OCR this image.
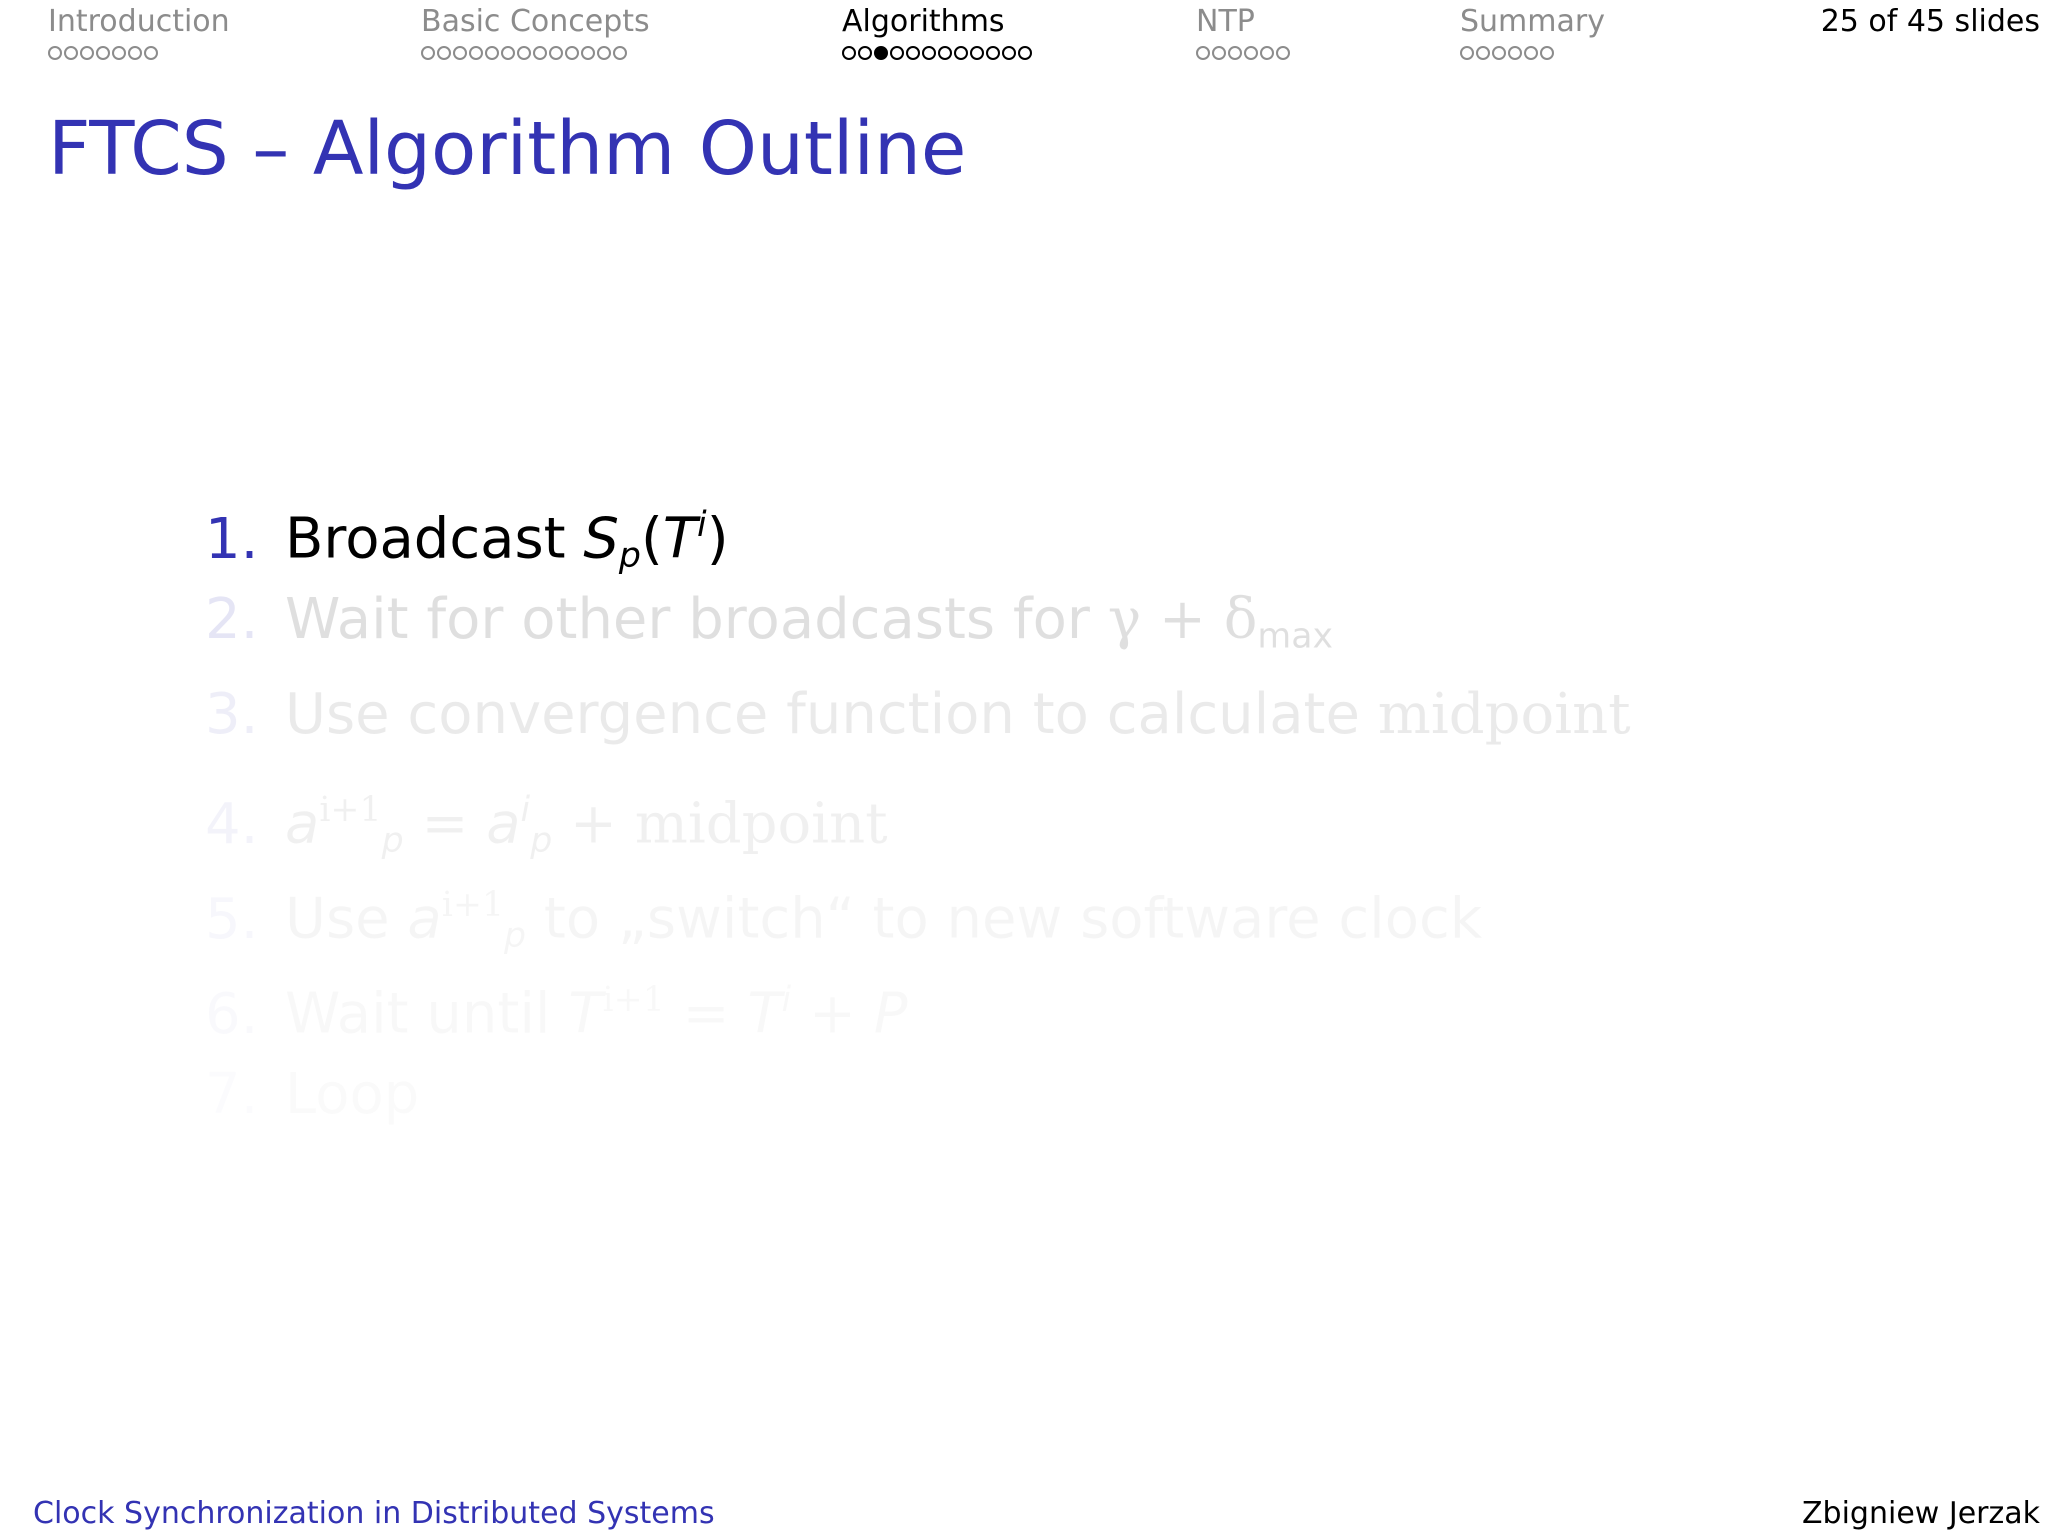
Introduction	Basic Concepts	Algorithms	NTP	Summary	25 of 45 slides
FTCS – Algorithm Outline
1. Broadcast $S_p(T^i)$
2. Wait for other broadcasts for γ + δmax
3. Use convergence function to calculate midpoint
4. $a^{i+1}_p = a^i_p$ + midpoint
Clock Synchronization in Distributed Systems	Zbigniew Jerzak
